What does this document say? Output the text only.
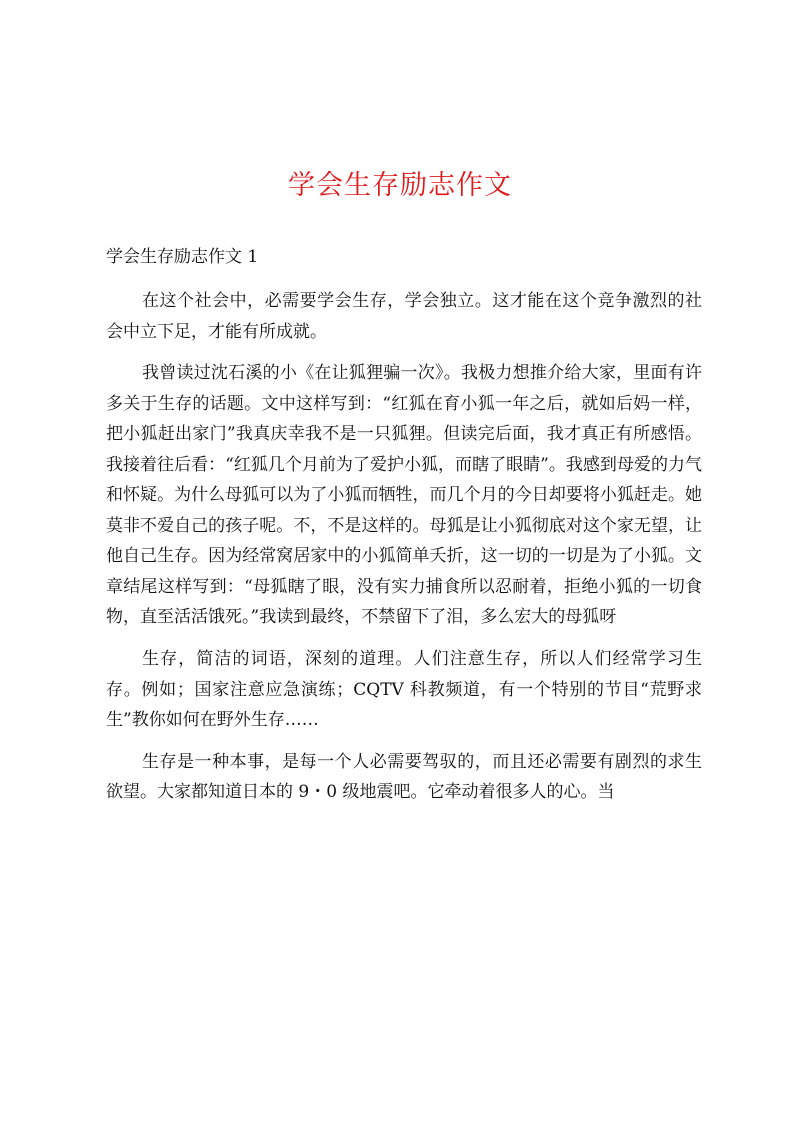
学会生存励志作文
学会生存励志作文 1

在这个社会中，必需要学会生存，学会独立。这才能在这个竞争激烈的社会中立下足，才能有所成就。

我曾读过沈石溪的小《在让狐狸骗一次》。我极力想推介给大家，里面有许多关于生存的话题。文中这样写到：“红狐在育小狐一年之后，就如后妈一样，把小狐赶出家门”我真庆幸我不是一只狐狸。但读完后面，我才真正有所感悟。我接着往后看：“红狐几个月前为了爱护小狐，而瞎了眼睛”。我感到母爱的力气和怀疑。为什么母狐可以为了小狐而牺牲，而几个月的今日却要将小狐赶走。她莫非不爱自己的孩子呢。不，不是这样的。母狐是让小狐彻底对这个家无望，让他自己生存。因为经常窝居家中的小狐简单夭折，这一切的一切是为了小狐。文章结尾这样写到：“母狐瞎了眼，没有实力捕食所以忍耐着，拒绝小狐的一切食物，直至活活饿死。”我读到最终，不禁留下了泪，多么宏大的母狐呀

生存，简洁的词语，深刻的道理。人们注意生存，所以人们经常学习生存。例如；国家注意应急演练；CQTV 科教频道，有一个特别的节目“荒野求生”教你如何在野外生存……

生存是一种本事，是每一个人必需要驾驭的，而且还必需要有剧烈的求生欲望。大家都知道日本的 9・0 级地震吧。它牵动着很多人的心。当
